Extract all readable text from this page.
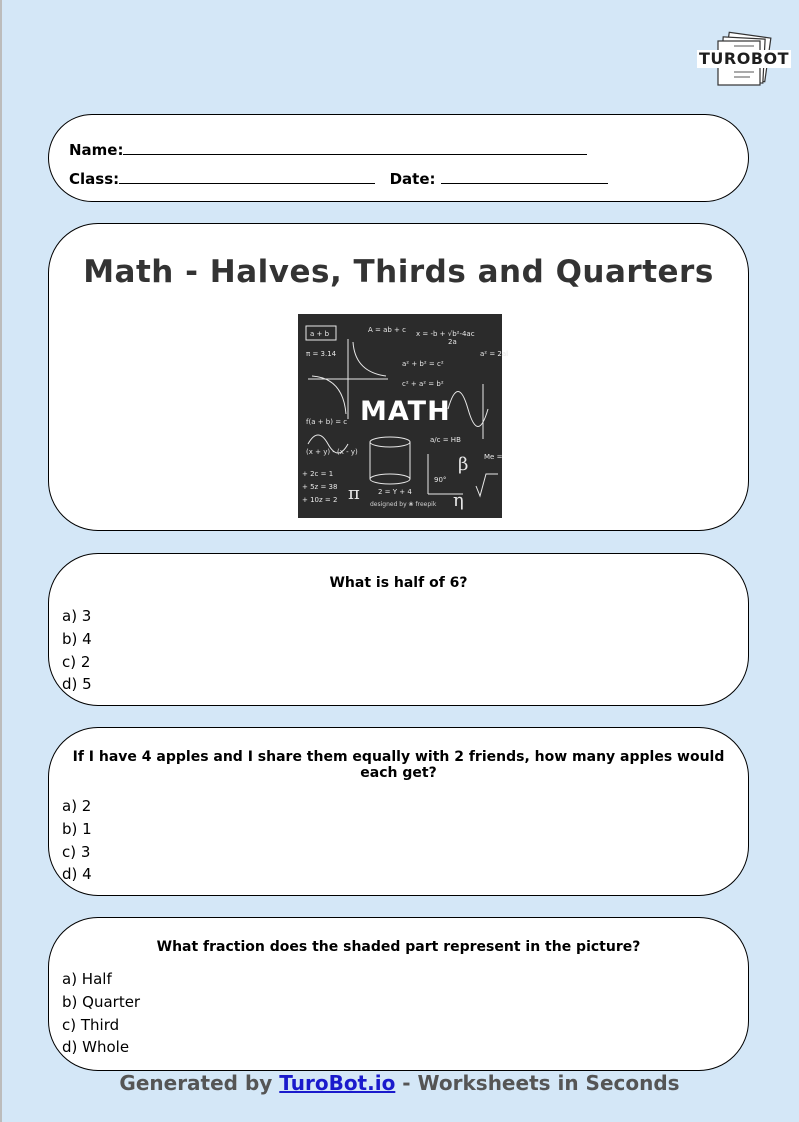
TUROBOT
Name:
Class:	Date:
Math - Halves, Thirds and Quarters
a + b	A = ab + c x = -b + √b²-4ac
2a
π = 3.14
a² + b² = c²
c² + a² = b²
a² = 2al
f(a + b) = c
(x + y) - (x - y)
a/c = HB
Me =
+ 2c = 1
+ 5z = 38
+ 10z = 2
2 = Y + 4
90°
π
β
η
MATH
designed by ❀ freepik
What is half of 6?
a) 3
b) 4
c) 2
d) 5
If I have 4 apples and I share them equally with 2 friends, how many apples would each get?
a) 2
b) 1
c) 3
d) 4
What fraction does the shaded part represent in the picture?
a) Half
b) Quarter
c) Third
d) Whole
Generated by TuroBot.io - Worksheets in Seconds
